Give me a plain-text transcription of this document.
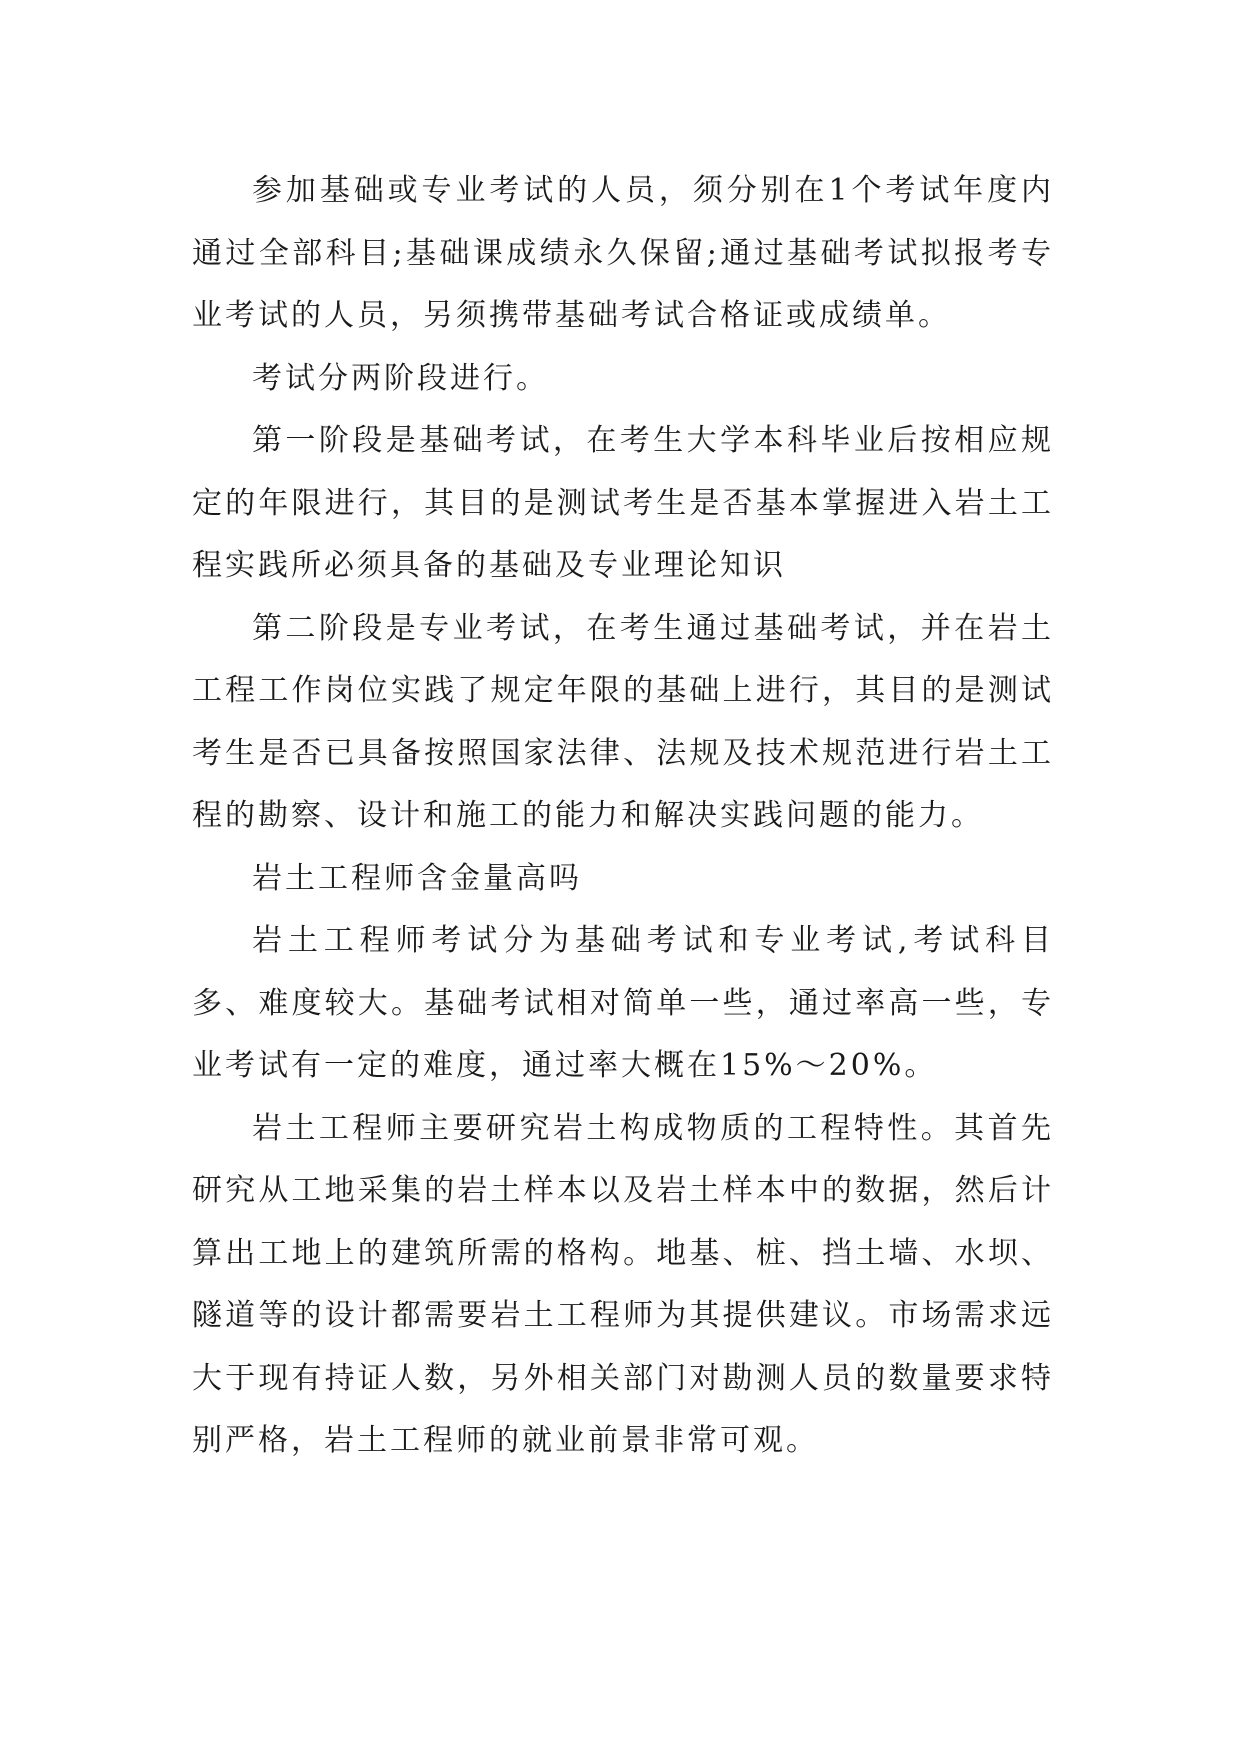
参加基础或专业考试的人员，须分别在1个考试年度内通过全部科目;基础课成绩永久保留;通过基础考试拟报考专业考试的人员，另须携带基础考试合格证或成绩单。

考试分两阶段进行。

第一阶段是基础考试，在考生大学本科毕业后按相应规定的年限进行，其目的是测试考生是否基本掌握进入岩土工程实践所必须具备的基础及专业理论知识

第二阶段是专业考试，在考生通过基础考试，并在岩土工程工作岗位实践了规定年限的基础上进行，其目的是测试考生是否已具备按照国家法律、法规及技术规范进行岩土工程的勘察、设计和施工的能力和解决实践问题的能力。

岩土工程师含金量高吗

岩土工程师考试分为基础考试和专业考试,考试科目多、难度较大。基础考试相对简单一些，通过率高一些，专业考试有一定的难度，通过率大概在15%～20%。

岩土工程师主要研究岩土构成物质的工程特性。其首先研究从工地采集的岩土样本以及岩土样本中的数据，然后计算出工地上的建筑所需的格构。地基、桩、挡土墙、水坝、隧道等的设计都需要岩土工程师为其提供建议。市场需求远大于现有持证人数，另外相关部门对勘测人员的数量要求特别严格，岩土工程师的就业前景非常可观。
